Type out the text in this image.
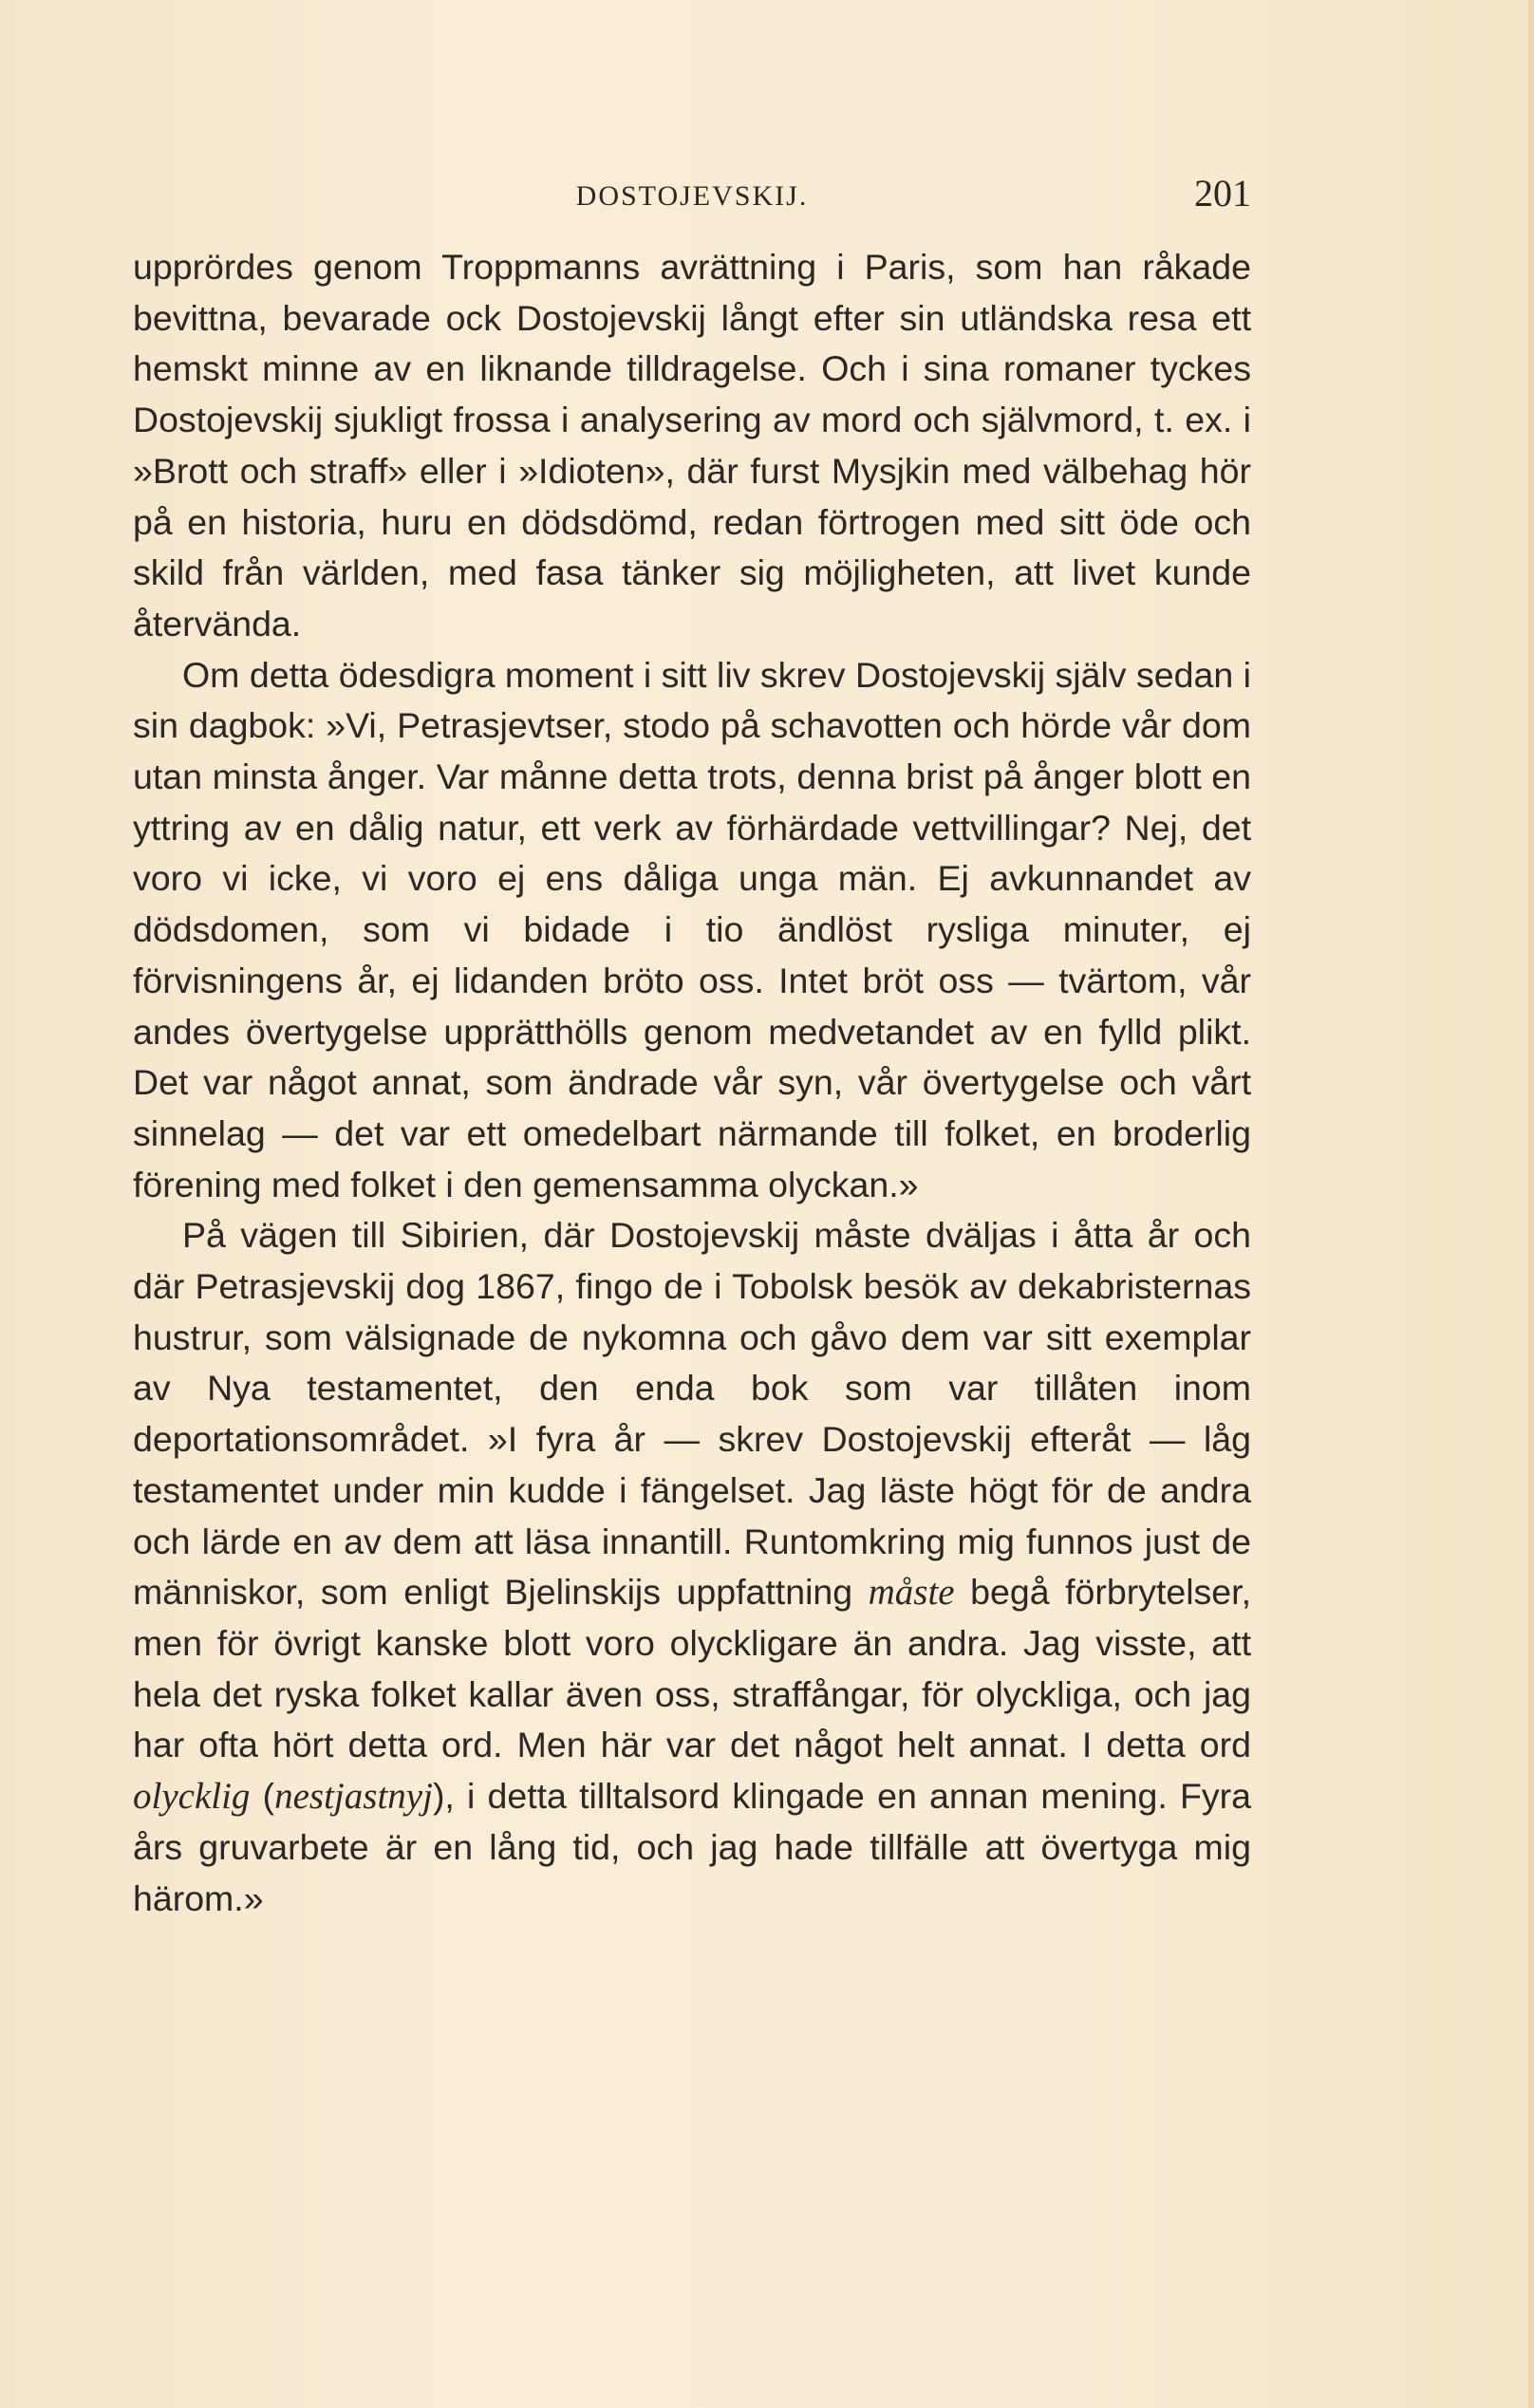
DOSTOJEVSKIJ.	201

upprördes genom Troppmanns avrättning i Paris, som han råkade bevittna, bevarade ock Dostojevskij långt efter sin utländska resa ett hemskt minne av en liknande tilldragelse. Och i sina romaner tyckes Dostojevskij sjukligt frossa i analysering av mord och självmord, t. ex. i »Brott och straff» eller i »Idioten», där furst Mysjkin med välbehag hör på en historia, huru en dödsdömd, redan förtrogen med sitt öde och skild från världen, med fasa tänker sig möjligheten, att livet kunde återvända.

Om detta ödesdigra moment i sitt liv skrev Dostojevskij själv sedan i sin dagbok: »Vi, Petrasjevtser, stodo på schavotten och hörde vår dom utan minsta ånger. Var månne detta trots, denna brist på ånger blott en yttring av en dålig natur, ett verk av förhärdade vettvillingar? Nej, det voro vi icke, vi voro ej ens dåliga unga män. Ej avkunnandet av dödsdomen, som vi bidade i tio ändlöst rysliga minuter, ej förvisningens år, ej lidanden bröto oss. Intet bröt oss — tvärtom, vår andes övertygelse upprätthölls genom medvetandet av en fylld plikt. Det var något annat, som ändrade vår syn, vår övertygelse och vårt sinnelag — det var ett omedelbart närmande till folket, en broderlig förening med folket i den gemensamma olyckan.»

På vägen till Sibirien, där Dostojevskij måste dväljas i åtta år och där Petrasjevskij dog 1867, fingo de i Tobolsk besök av dekabristernas hustrur, som välsignade de nykomna och gåvo dem var sitt exemplar av Nya testamentet, den enda bok som var tillåten inom deportationsområdet. »I fyra år — skrev Dostojevskij efteråt — låg testamentet under min kudde i fängelset. Jag läste högt för de andra och lärde en av dem att läsa innantill. Runtomkring mig funnos just de människor, som enligt Bjelinskijs uppfattning måste begå förbrytelser, men för övrigt kanske blott voro olyckligare än andra. Jag visste, att hela det ryska folket kallar även oss, straffångar, för olyckliga, och jag har ofta hört detta ord. Men här var det något helt annat. I detta ord olycklig (nestjastnyj), i detta tilltalsord klingade en annan mening. Fyra års gruvarbete är en lång tid, och jag hade tillfälle att övertyga mig härom.»
